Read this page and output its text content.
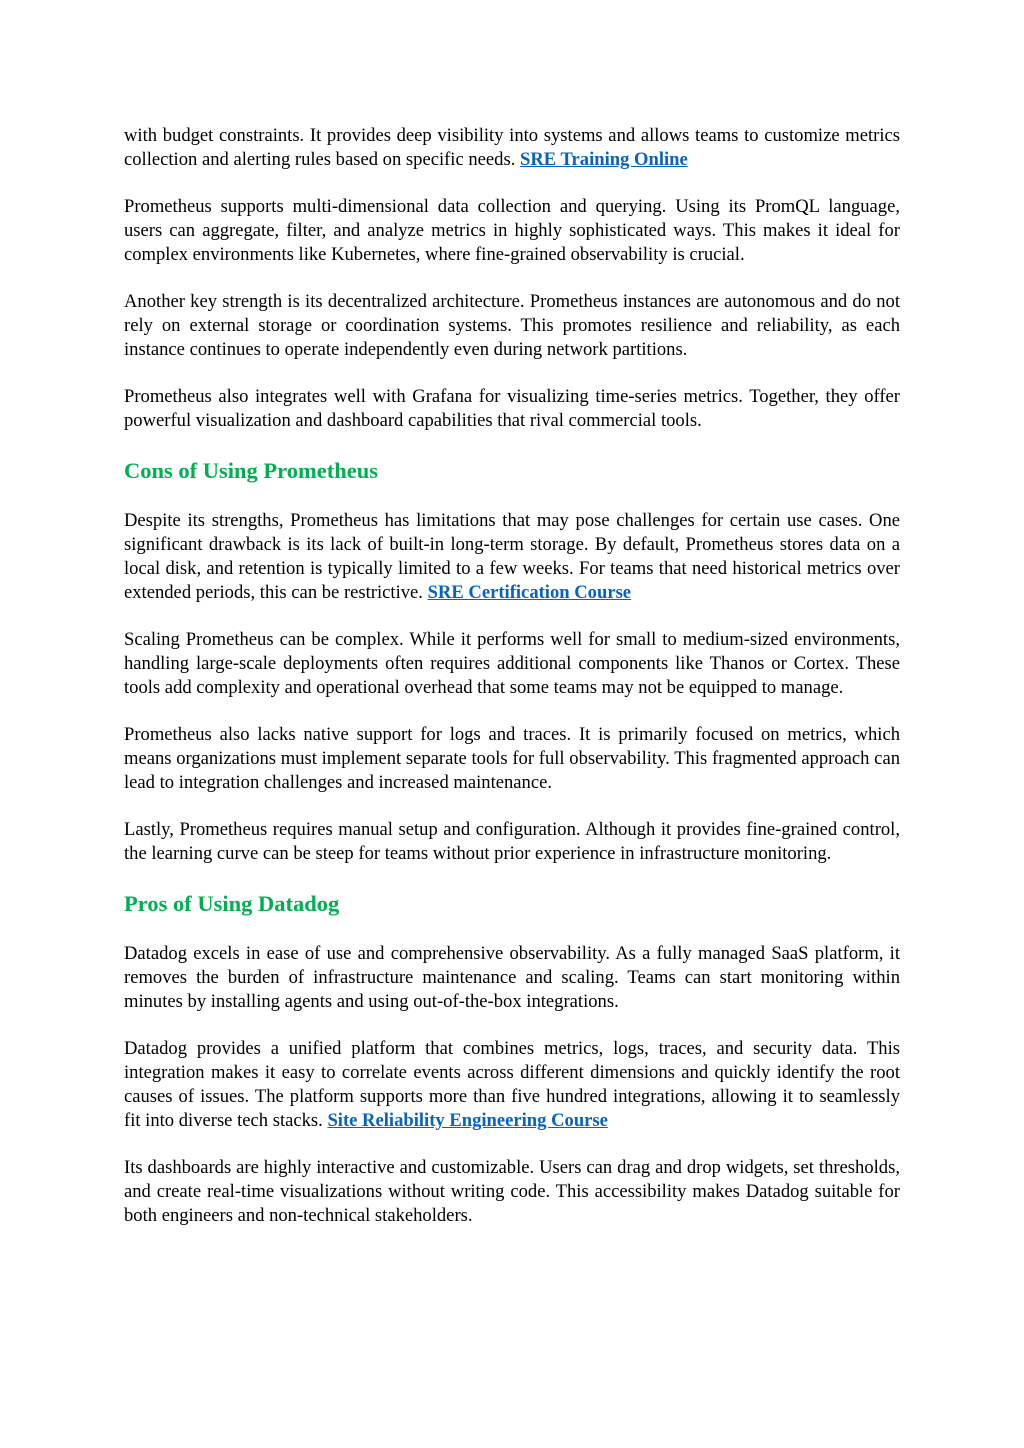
with budget constraints. It provides deep visibility into systems and allows teams to customize metrics collection and alerting rules based on specific needs. SRE Training Online

Prometheus supports multi-dimensional data collection and querying. Using its PromQL language, users can aggregate, filter, and analyze metrics in highly sophisticated ways. This makes it ideal for complex environments like Kubernetes, where fine-grained observability is crucial.

Another key strength is its decentralized architecture. Prometheus instances are autonomous and do not rely on external storage or coordination systems. This promotes resilience and reliability, as each instance continues to operate independently even during network partitions.

Prometheus also integrates well with Grafana for visualizing time-series metrics. Together, they offer powerful visualization and dashboard capabilities that rival commercial tools.

Cons of Using Prometheus

Despite its strengths, Prometheus has limitations that may pose challenges for certain use cases. One significant drawback is its lack of built-in long-term storage. By default, Prometheus stores data on a local disk, and retention is typically limited to a few weeks. For teams that need historical metrics over extended periods, this can be restrictive. SRE Certification Course

Scaling Prometheus can be complex. While it performs well for small to medium-sized environments, handling large-scale deployments often requires additional components like Thanos or Cortex. These tools add complexity and operational overhead that some teams may not be equipped to manage.

Prometheus also lacks native support for logs and traces. It is primarily focused on metrics, which means organizations must implement separate tools for full observability. This fragmented approach can lead to integration challenges and increased maintenance.

Lastly, Prometheus requires manual setup and configuration. Although it provides fine-grained control, the learning curve can be steep for teams without prior experience in infrastructure monitoring.

Pros of Using Datadog

Datadog excels in ease of use and comprehensive observability. As a fully managed SaaS platform, it removes the burden of infrastructure maintenance and scaling. Teams can start monitoring within minutes by installing agents and using out-of-the-box integrations.

Datadog provides a unified platform that combines metrics, logs, traces, and security data. This integration makes it easy to correlate events across different dimensions and quickly identify the root causes of issues. The platform supports more than five hundred integrations, allowing it to seamlessly fit into diverse tech stacks. Site Reliability Engineering Course

Its dashboards are highly interactive and customizable. Users can drag and drop widgets, set thresholds, and create real-time visualizations without writing code. This accessibility makes Datadog suitable for both engineers and non-technical stakeholders.
